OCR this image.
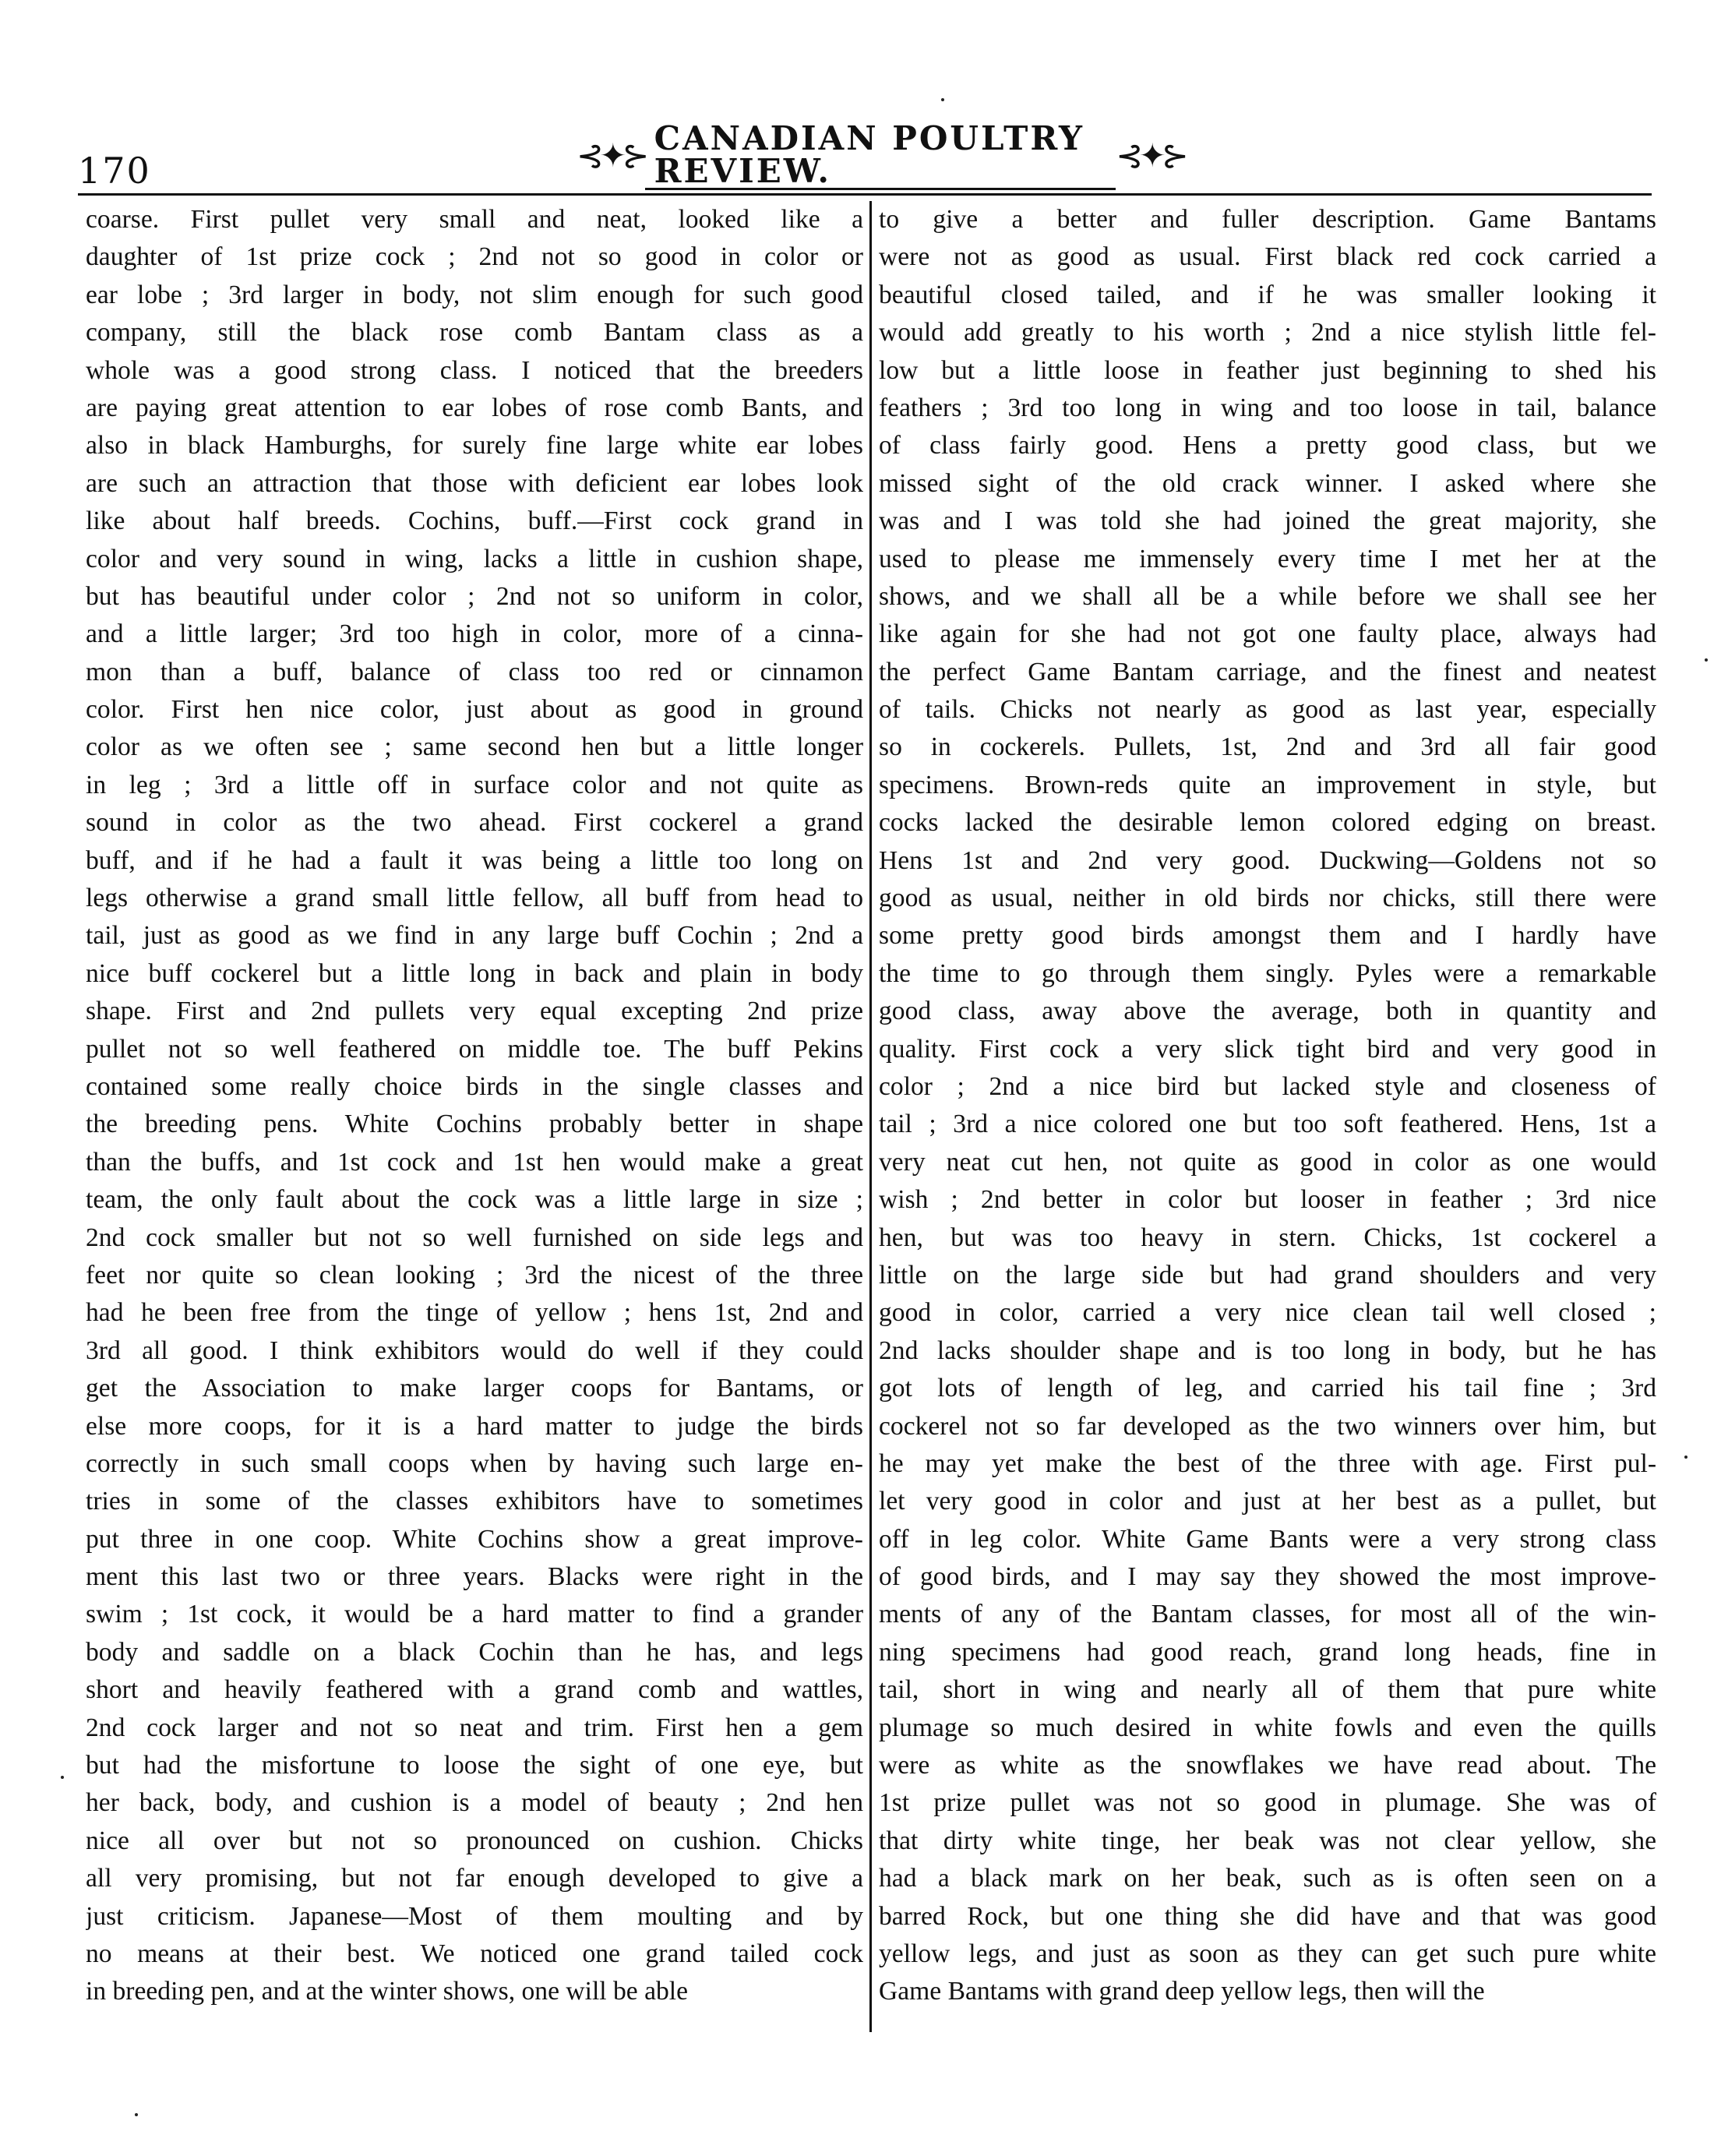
170	⊰✦⊱ CANADIAN POULTRY REVIEW.	⊰✦⊱
coarse. First pullet very small and neat, looked like a
daughter of 1st prize cock ; 2nd not so good in color or
ear lobe ; 3rd larger in body, not slim enough for such good
company, still the black rose comb Bantam class as a
whole was a good strong class. I noticed that the breeders
are paying great attention to ear lobes of rose comb Bants, and
also in black Hamburghs, for surely fine large white ear lobes
are such an attraction that those with deficient ear lobes look
like about half breeds. Cochins, buff.—First cock grand in
color and very sound in wing, lacks a little in cushion shape,
but has beautiful under color ; 2nd not so uniform in color,
and a little larger; 3rd too high in color, more of a cinna-
mon than a buff, balance of class too red or cinnamon
color. First hen nice color, just about as good in ground
color as we often see ; same second hen but a little longer
in leg ; 3rd a little off in surface color and not quite as
sound in color as the two ahead. First cockerel a grand
buff, and if he had a fault it was being a little too long on
legs otherwise a grand small little fellow, all buff from head to
tail, just as good as we find in any large buff Cochin ; 2nd a
nice buff cockerel but a little long in back and plain in body
shape. First and 2nd pullets very equal excepting 2nd prize
pullet not so well feathered on middle toe. The buff Pekins
contained some really choice birds in the single classes and
the breeding pens. White Cochins probably better in shape
than the buffs, and 1st cock and 1st hen would make a great
team, the only fault about the cock was a little large in size ;
2nd cock smaller but not so well furnished on side legs and
feet nor quite so clean looking ; 3rd the nicest of the three
had he been free from the tinge of yellow ; hens 1st, 2nd and
3rd all good. I think exhibitors would do well if they could
get the Association to make larger coops for Bantams, or
else more coops, for it is a hard matter to judge the birds
correctly in such small coops when by having such large en-
tries in some of the classes exhibitors have to sometimes
put three in one coop. White Cochins show a great improve-
ment this last two or three years. Blacks were right in the
swim ; 1st cock, it would be a hard matter to find a grander
body and saddle on a black Cochin than he has, and legs
short and heavily feathered with a grand comb and wattles,
2nd cock larger and not so neat and trim. First hen a gem
but had the misfortune to loose the sight of one eye, but
her back, body, and cushion is a model of beauty ; 2nd hen
nice all over but not so pronounced on cushion. Chicks
all very promising, but not far enough developed to give a
just criticism. Japanese—Most of them moulting and by
no means at their best. We noticed one grand tailed cock
in breeding pen, and at the winter shows, one will be able
to give a better and fuller description. Game Bantams
were not as good as usual. First black red cock carried a
beautiful closed tailed, and if he was smaller looking it
would add greatly to his worth ; 2nd a nice stylish little fel-
low but a little loose in feather just beginning to shed his
feathers ; 3rd too long in wing and too loose in tail, balance
of class fairly good. Hens a pretty good class, but we
missed sight of the old crack winner. I asked where she
was and I was told she had joined the great majority, she
used to please me immensely every time I met her at the
shows, and we shall all be a while before we shall see her
like again for she had not got one faulty place, always had
the perfect Game Bantam carriage, and the finest and neatest
of tails. Chicks not nearly as good as last year, especially
so in cockerels. Pullets, 1st, 2nd and 3rd all fair good
specimens. Brown-reds quite an improvement in style, but
cocks lacked the desirable lemon colored edging on breast.
Hens 1st and 2nd very good. Duckwing—Goldens not so
good as usual, neither in old birds nor chicks, still there were
some pretty good birds amongst them and I hardly have
the time to go through them singly. Pyles were a remarkable
good class, away above the average, both in quantity and
quality. First cock a very slick tight bird and very good in
color ; 2nd a nice bird but lacked style and closeness of
tail ; 3rd a nice colored one but too soft feathered. Hens, 1st a
very neat cut hen, not quite as good in color as one would
wish ; 2nd better in color but looser in feather ; 3rd nice
hen, but was too heavy in stern. Chicks, 1st cockerel a
little on the large side but had grand shoulders and very
good in color, carried a very nice clean tail well closed ;
2nd lacks shoulder shape and is too long in body, but he has
got lots of length of leg, and carried his tail fine ; 3rd
cockerel not so far developed as the two winners over him, but
he may yet make the best of the three with age. First pul-
let very good in color and just at her best as a pullet, but
off in leg color. White Game Bants were a very strong class
of good birds, and I may say they showed the most improve-
ments of any of the Bantam classes, for most all of the win-
ning specimens had good reach, grand long heads, fine in
tail, short in wing and nearly all of them that pure white
plumage so much desired in white fowls and even the quills
were as white as the snowflakes we have read about. The
1st prize pullet was not so good in plumage. She was of
that dirty white tinge, her beak was not clear yellow, she
had a black mark on her beak, such as is often seen on a
barred Rock, but one thing she did have and that was good
yellow legs, and just as soon as they can get such pure white
Game Bantams with grand deep yellow legs, then will the
